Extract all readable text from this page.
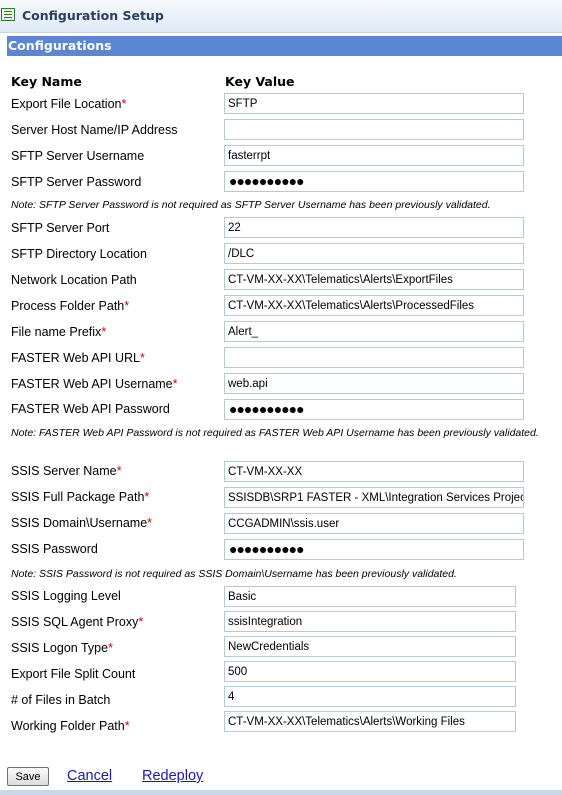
Configuration Setup
Configurations
Key Name	Key Value
Export File Location*
Server Host Name/IP Address
SFTP Server Username
SFTP Server Password
SFTP Server Port
SFTP Directory Location
Network Location Path
Process Folder Path*
File name Prefix*
FASTER Web API URL*
FASTER Web API Username*
FASTER Web API Password
SSIS Server Name*
SSIS Full Package Path*
SSIS Domain\Username*
SSIS Password
SSIS Logging Level
SSIS SQL Agent Proxy*
SSIS Logon Type*
Export File Split Count
# of Files in Batch
Working Folder Path*
SFTP
fasterrpt
●●●●●●●●●●
22
/DLC
CT-VM-XX-XX\Telematics\Alerts\ExportFiles
CT-VM-XX-XX\Telematics\Alerts\ProcessedFiles
Alert_
web.api
●●●●●●●●●●
CT-VM-XX-XX
SSISDB\SRP1 FASTER - XML\Integration Services Projec
CCGADMIN\ssis.user
●●●●●●●●●●
Basic
ssisIntegration
NewCredentials
500
4
CT-VM-XX-XX\Telematics\Alerts\Working Files
Note: SFTP Server Password is not required as SFTP Server Username has been previously validated.
Note: FASTER Web API Password is not required as FASTER Web API Username has been previously validated.
Note: SSIS Password is not required as SSIS Domain\Username has been previously validated.
Save	Cancel Redeploy
